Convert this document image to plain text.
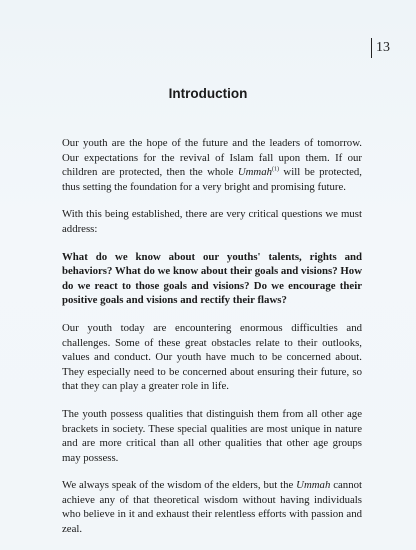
13
Introduction

Our youth are the hope of the future and the leaders of tomorrow. Our expectations for the revival of Islam fall upon them. If our children are protected, then the whole Ummah$^{(1)}$ will be protected, thus setting the foundation for a very bright and promising future.

With this being established, there are very critical questions we must address:

What do we know about our youths' talents, rights and behaviors? What do we know about their goals and visions? How do we react to those goals and visions? Do we encourage their positive goals and visions and rectify their flaws?

Our youth today are encountering enormous difficulties and challenges. Some of these great obstacles relate to their outlooks, values and conduct. Our youth have much to be concerned about. They especially need to be concerned about ensuring their future, so that they can play a greater role in life.

The youth possess qualities that distinguish them from all other age brackets in society. These special qualities are most unique in nature and are more critical than all other qualities that other age groups may possess.

We always speak of the wisdom of the elders, but the Ummah cannot achieve any of that theoretical wisdom without having individuals who believe in it and exhaust their relentless efforts with passion and zeal.
